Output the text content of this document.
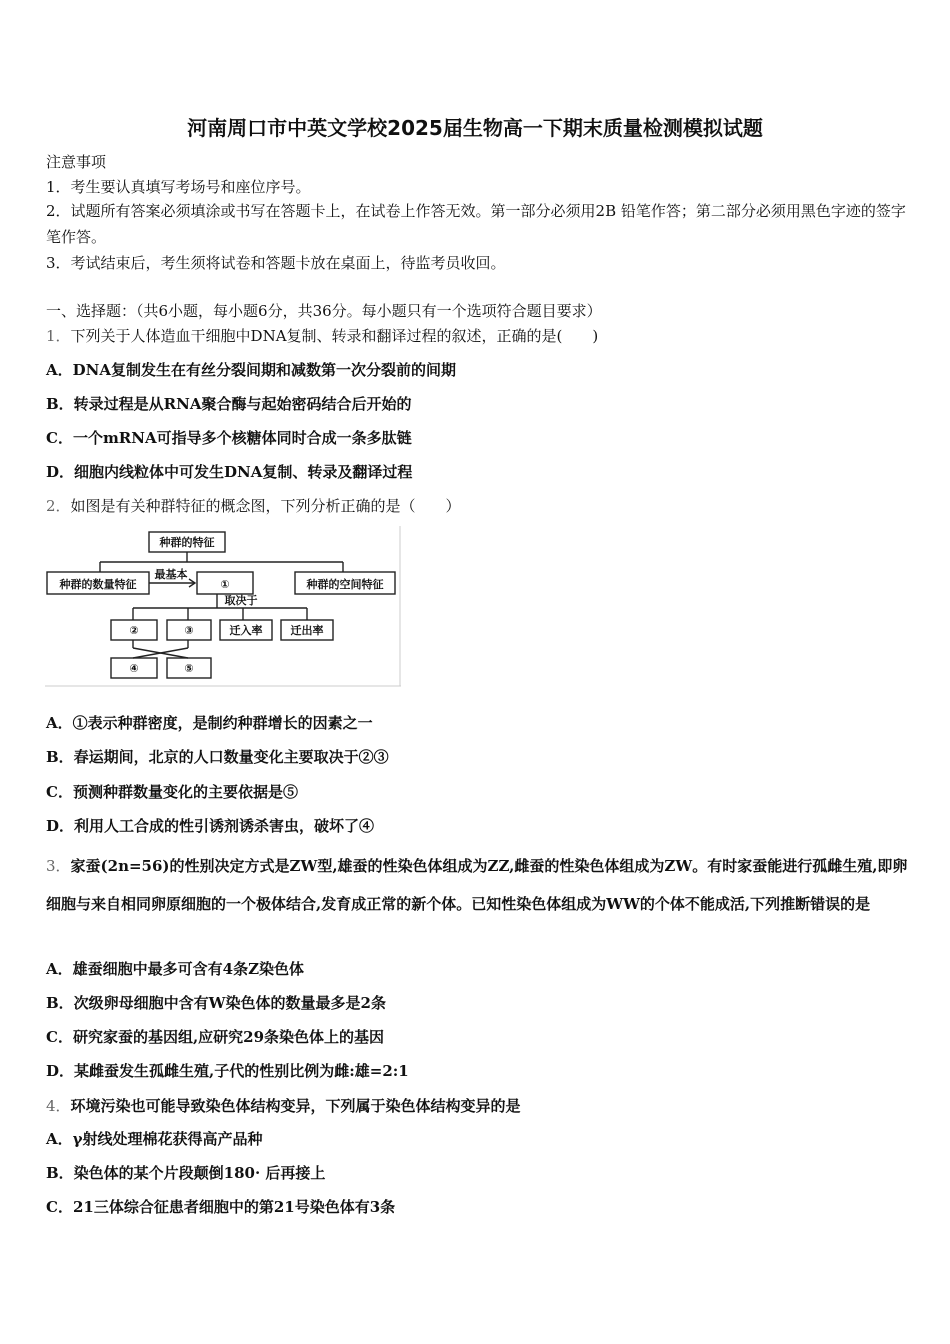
河南周口市中英文学校2025届生物高一下期末质量检测模拟试题
注意事项
1．考生要认真填写考场号和座位序号。
2．试题所有答案必须填涂或书写在答题卡上，在试卷上作答无效。第一部分必须用2B 铅笔作答；第二部分必须用黑色字迹的签字笔作答。
3．考试结束后，考生须将试卷和答题卡放在桌面上，待监考员收回。
一、选择题：（共6小题，每小题6分，共36分。每小题只有一个选项符合题目要求）
1．下列关于人体造血干细胞中DNA复制、转录和翻译过程的叙述，正确的是(　　)
A．DNA复制发生在有丝分裂间期和减数第一次分裂前的间期
B．转录过程是从RNA聚合酶与起始密码结合后开始的
C．一个mRNA可指导多个核糖体同时合成一条多肽链
D．细胞内线粒体中可发生DNA复制、转录及翻译过程
2．如图是有关种群特征的概念图，下列分析正确的是（　　）
种群的特征
种群的数量特征	种群的空间特征
①
最基本
取决于
②	③	迁入率	迁出率
④	⑤
A．①表示种群密度，是制约种群增长的因素之一
B．春运期间，北京的人口数量变化主要取决于②③
C．预测种群数量变化的主要依据是⑤
D．利用人工合成的性引诱剂诱杀害虫，破坏了④
3．家蚕(2n=56)的性别决定方式是ZW型,雄蚕的性染色体组成为ZZ,雌蚕的性染色体组成为ZW。有时家蚕能进行孤雌生殖,即卵细胞与来自相同卵原细胞的一个极体结合,发育成正常的新个体。已知性染色体组成为WW的个体不能成活,下列推断错误的是
A．雄蚕细胞中最多可含有4条Z染色体
B．次级卵母细胞中含有W染色体的数量最多是2条
C．研究家蚕的基因组,应研究29条染色体上的基因
D．某雌蚕发生孤雌生殖,子代的性别比例为雌:雄=2:1
4．环境污染也可能导致染色体结构变异，下列属于染色体结构变异的是
A．γ射线处理棉花获得高产品种
B．染色体的某个片段颠倒180· 后再接上
C．21三体综合征患者细胞中的第21号染色体有3条
